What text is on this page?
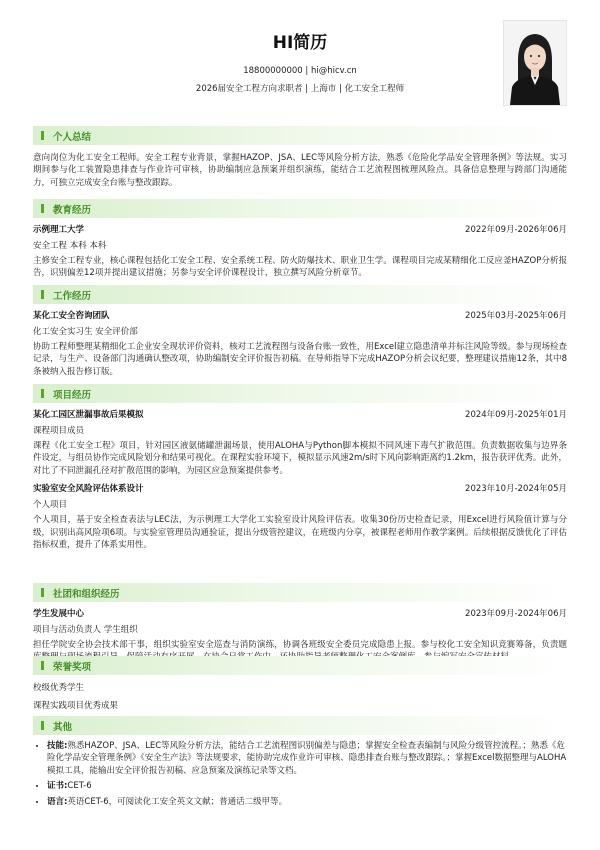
HI简历
18800000000 | hi@hicv.cn
2026届安全工程方向求职者 | 上海市 | 化工安全工程师
个人总结
意向岗位为化工安全工程师。安全工程专业背景，掌握HAZOP、JSA、LEC等风险分析方法，熟悉《危险化学品安全管理条例》等法规。实习期间参与化工装置隐患排查与作业许可审核，协助编制应急预案并组织演练，能结合工艺流程图梳理风险点。具备信息整理与跨部门沟通能力，可独立完成安全台账与整改跟踪。
教育经历
示例理工大学	2022年09月-2026年06月
安全工程 本科 本科
主修安全工程专业，核心课程包括化工安全工程、安全系统工程、防火防爆技术、职业卫生学。课程项目完成某精细化工反应釜HAZOP分析报告，识别偏差12项并提出建议措施；另参与安全评价课程设计，独立撰写风险分析章节。
工作经历
某化工安全咨询团队	2025年03月-2025年06月
化工安全实习生 安全评价部
协助工程师整理某精细化工企业安全现状评价资料，核对工艺流程图与设备台账一致性，用Excel建立隐患清单并标注风险等级。参与现场检查记录，与生产、设备部门沟通确认整改项，协助编制安全评价报告初稿。在导师指导下完成HAZOP分析会议纪要，整理建议措施12条，其中8条被纳入报告修订版。
项目经历
某化工园区泄漏事故后果模拟	2024年09月-2025年01月
课程项目成员
课程《化工安全工程》项目，针对园区液氨储罐泄漏场景，使用ALOHA与Python脚本模拟不同风速下毒气扩散范围。负责数据收集与边界条件设定，与组员协作完成风险划分和结果可视化。在课程实验环境下，模拟显示风速2m/s时下风向影响距离约1.2km，报告获评优秀。此外，对比了不同泄漏孔径对扩散范围的影响，为园区应急预案提供参考。
实验室安全风险评估体系设计	2023年10月-2024年05月
个人项目
个人项目，基于安全检查表法与LEC法，为示例理工大学化工实验室设计风险评估表。收集30份历史检查记录，用Excel进行风险值计算与分级，识别出高风险项6项。与实验室管理员沟通验证，提出分级管控建议，在班级内分享，被课程老师用作教学案例。后续根据反馈优化了评估指标权重，提升了体系实用性。
社团和组织经历
学生发展中心	2023年09月-2024年06月
项目与活动负责人 学生组织
担任学院安全协会技术部干事，组织实验室安全巡查与消防演练，协调各班级安全委员完成隐患上报。参与校化工安全知识竞赛筹备，负责题
荣誉奖项
校级优秀学生
课程实践项目优秀成果
其他
• 技能:熟悉HAZOP、JSA、LEC等风险分析方法，能结合工艺流程图识别偏差与隐患；掌握安全检查表编制与风险分级管控流程。；熟悉《危险化学品安全管理条例》《安全生产法》等法规要求，能协助完成作业许可审核、隐患排查台账与整改跟踪。；掌握Excel数据整理与ALOHA模拟工具，能输出安全评价报告初稿、应急预案及演练记录等文档。
• 证书:CET-6
• 语言:英语CET-6，可阅读化工安全英文文献；普通话二级甲等。
